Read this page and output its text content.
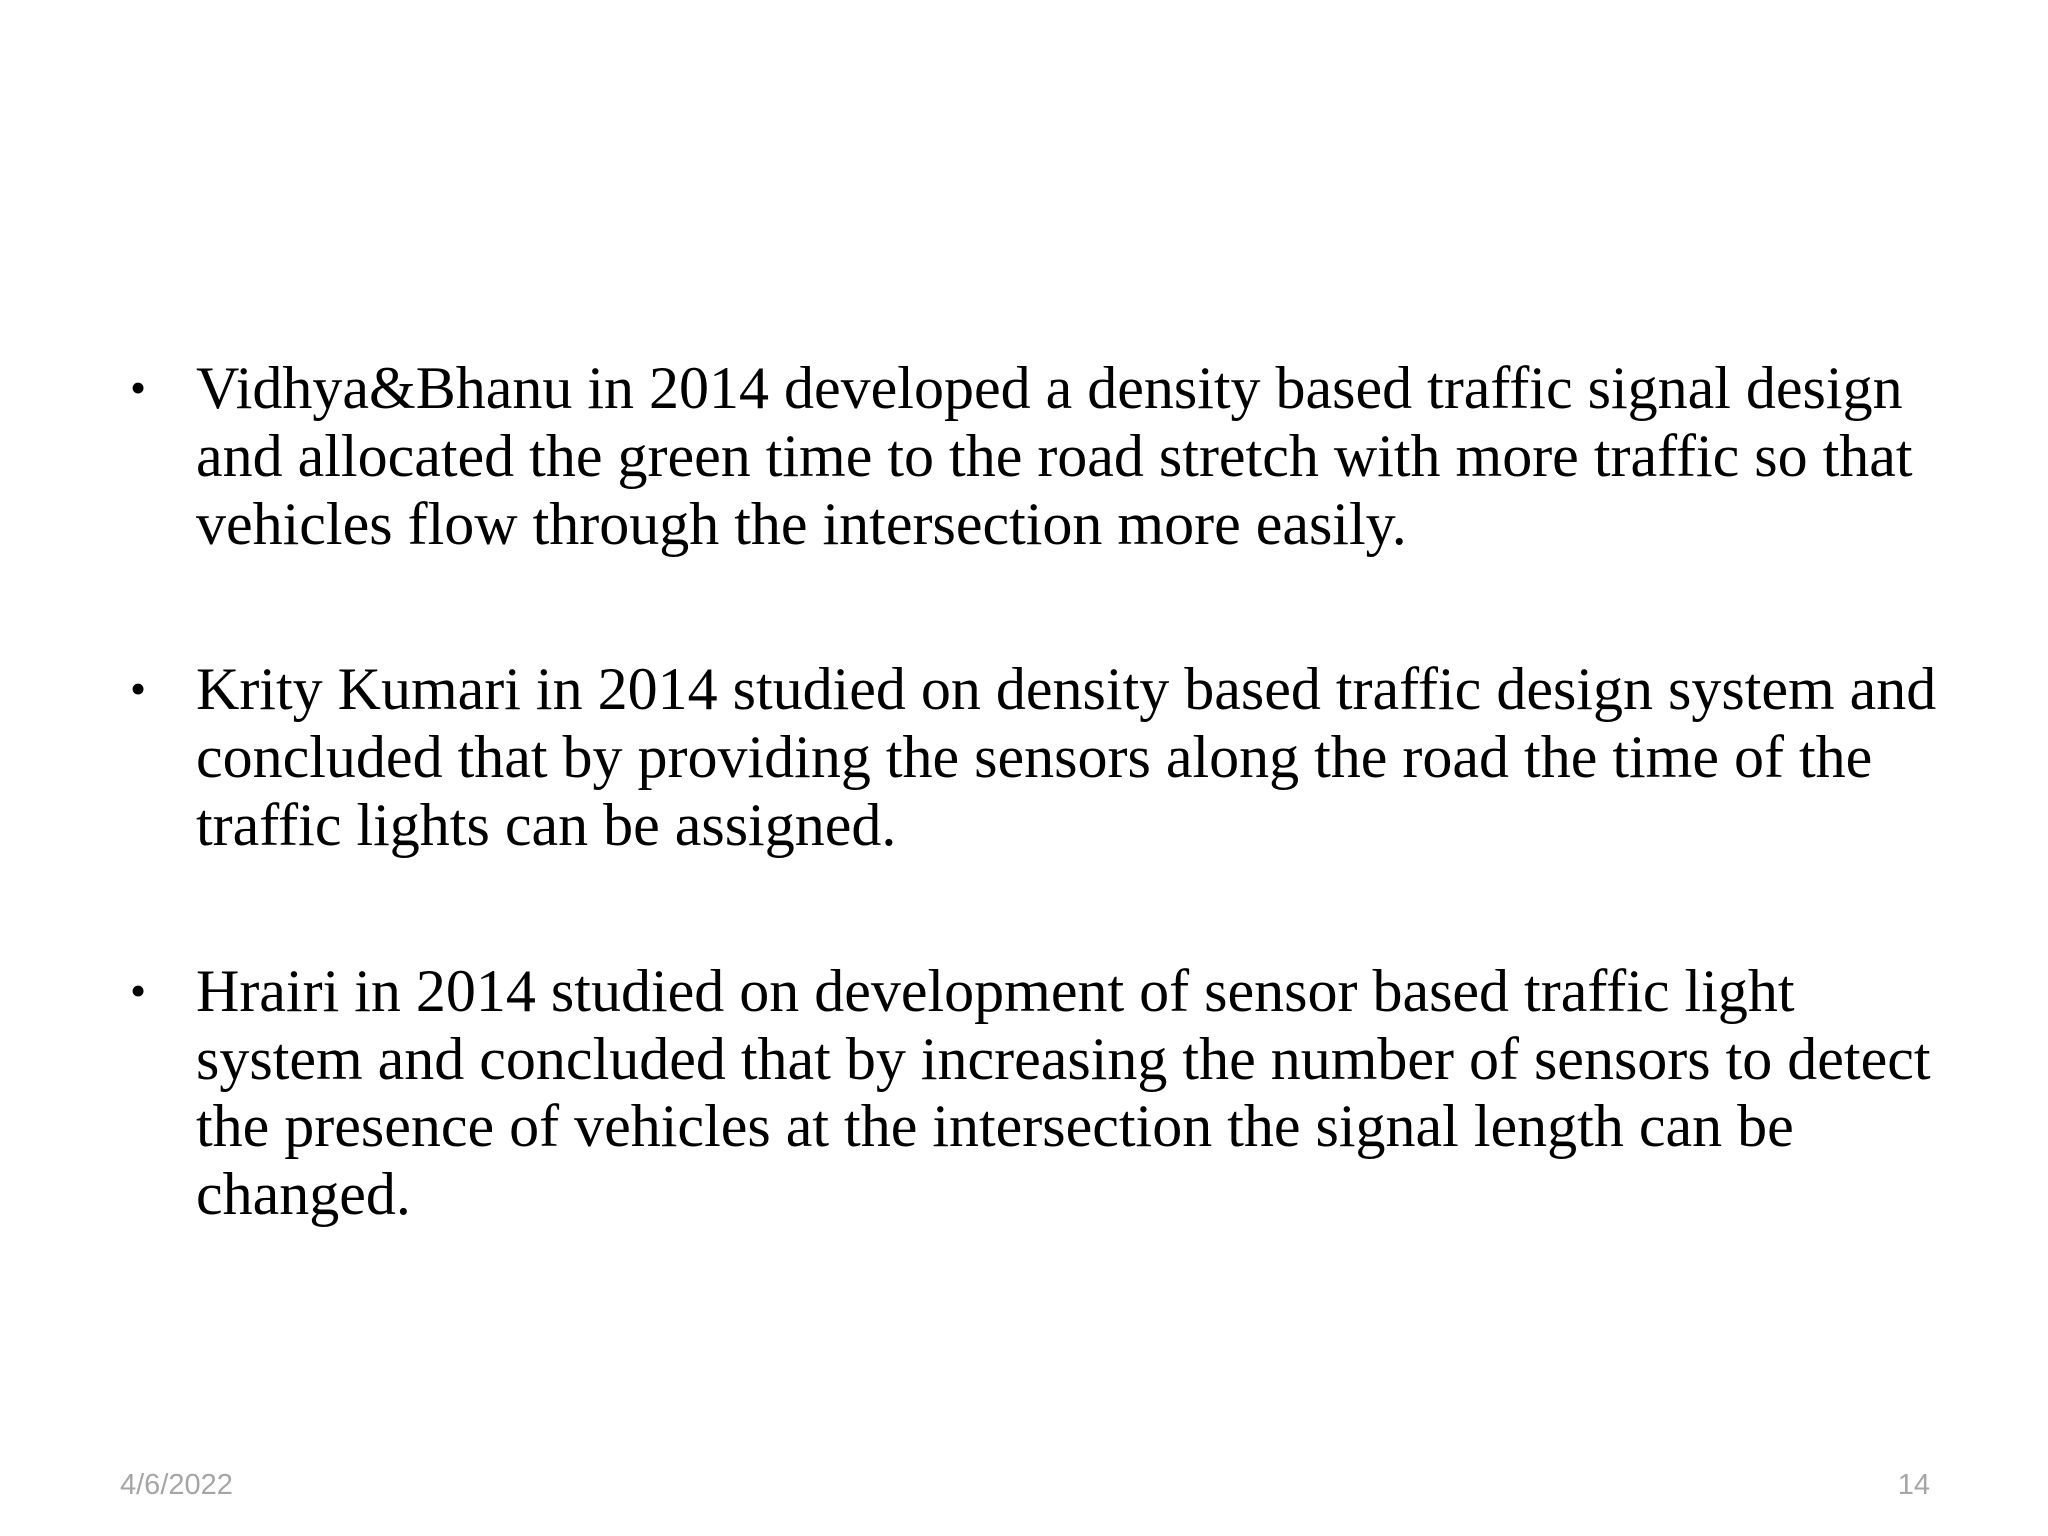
• Vidhya&Bhanu in 2014 developed a density based traffic signal design and allocated the green time to the road stretch with more traffic so that vehicles flow through the intersection more easily.
• Krity Kumari in 2014 studied on density based traffic design system and concluded that by providing the sensors along the road the time of the traffic lights can be assigned.
• Hrairi in 2014 studied on development of sensor based traffic light system and concluded that by increasing the number of sensors to detect the presence of vehicles at the intersection the signal length can be changed.
4/6/2022	14
